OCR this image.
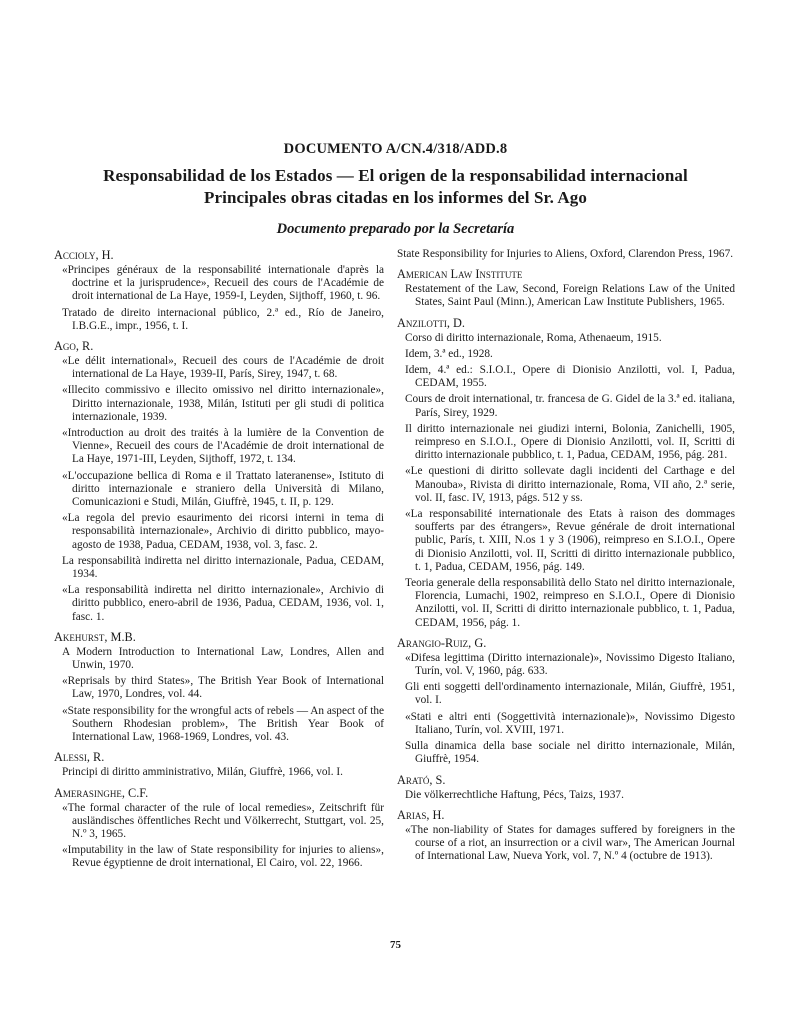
DOCUMENTO A/CN.4/318/ADD.8
Responsabilidad de los Estados — El origen de la responsabilidad internacional
Principales obras citadas en los informes del Sr. Ago
Documento preparado por la Secretaría
Accioly, H.
«Principes généraux de la responsabilité internationale d'après la doctrine et la jurisprudence», Recueil des cours de l'Académie de droit international de La Haye, 1959-I, Leyden, Sijthoff, 1960, t. 96.
Tratado de direito internacional público, 2.ª ed., Río de Janeiro, I.B.G.E., impr., 1956, t. I.
Ago, R.
«Le délit international», Recueil des cours de l'Académie de droit international de La Haye, 1939-II, París, Sirey, 1947, t. 68.
«Illecito commissivo e illecito omissivo nel diritto internazionale», Diritto internazionale, 1938, Milán, Istituti per gli studi di politica internazionale, 1939.
«Introduction au droit des traités à la lumière de la Convention de Vienne», Recueil des cours de l'Académie de droit international de La Haye, 1971-III, Leyden, Sijthoff, 1972, t. 134.
«L'occupazione bellica di Roma e il Trattato lateranense», Istituto di diritto internazionale e straniero della Università di Milano, Comunicazioni e Studi, Milán, Giuffrè, 1945, t. II, p. 129.
«La regola del previo esaurimento dei ricorsi interni in tema di responsabilità internazionale», Archivio di diritto pubblico, mayo-agosto de 1938, Padua, CEDAM, 1938, vol. 3, fasc. 2.
La responsabilità indiretta nel diritto internazionale, Padua, CEDAM, 1934.
«La responsabilità indiretta nel diritto internazionale», Archivio di diritto pubblico, enero-abril de 1936, Padua, CEDAM, 1936, vol. 1, fasc. 1.
Akehurst, M.B.
A Modern Introduction to International Law, Londres, Allen and Unwin, 1970.
«Reprisals by third States», The British Year Book of International Law, 1970, Londres, vol. 44.
«State responsibility for the wrongful acts of rebels — An aspect of the Southern Rhodesian problem», The British Year Book of International Law, 1968-1969, Londres, vol. 43.
Alessi, R.
Principi di diritto amministrativo, Milán, Giuffrè, 1966, vol. I.
Amerasinghe, C.F.
«The formal character of the rule of local remedies», Zeitschrift für ausländisches öffentliches Recht und Völkerrecht, Stuttgart, vol. 25, N.º 3, 1965.
«Imputability in the law of State responsibility for injuries to aliens», Revue égyptienne de droit international, El Cairo, vol. 22, 1966.
State Responsibility for Injuries to Aliens, Oxford, Clarendon Press, 1967.
American Law Institute
Restatement of the Law, Second, Foreign Relations Law of the United States, Saint Paul (Minn.), American Law Institute Publishers, 1965.
Anzilotti, D.
Corso di diritto internazionale, Roma, Athenaeum, 1915.
Idem, 3.ª ed., 1928.
Idem, 4.ª ed.: S.I.O.I., Opere di Dionisio Anzilotti, vol. I, Padua, CEDAM, 1955.
Cours de droit international, tr. francesa de G. Gidel de la 3.ª ed. italiana, París, Sirey, 1929.
Il diritto internazionale nei giudizi interni, Bolonia, Zanichelli, 1905, reimpreso en S.I.O.I., Opere di Dionisio Anzilotti, vol. II, Scritti di diritto internazionale pubblico, t. 1, Padua, CEDAM, 1956, pág. 281.
«Le questioni di diritto sollevate dagli incidenti del Carthage e del Manouba», Rivista di diritto internazionale, Roma, VII año, 2.ª serie, vol. II, fasc. IV, 1913, págs. 512 y ss.
«La responsabilité internationale des Etats à raison des dommages soufferts par des étrangers», Revue générale de droit international public, París, t. XIII, N.os 1 y 3 (1906), reimpreso en S.I.O.I., Opere di Dionisio Anzilotti, vol. II, Scritti di diritto internazionale pubblico, t. 1, Padua, CEDAM, 1956, pág. 149.
Teoria generale della responsabilità dello Stato nel diritto internazionale, Florencia, Lumachi, 1902, reimpreso en S.I.O.I., Opere di Dionisio Anzilotti, vol. II, Scritti di diritto internazionale pubblico, t. 1, Padua, CEDAM, 1956, pág. 1.
Arangio-Ruiz, G.
«Difesa legittima (Diritto internazionale)», Novissimo Digesto Italiano, Turín, vol. V, 1960, pág. 633.
Gli enti soggetti dell'ordinamento internazionale, Milán, Giuffrè, 1951, vol. I.
«Stati e altri enti (Soggettività internazionale)», Novissimo Digesto Italiano, Turín, vol. XVIII, 1971.
Sulla dinamica della base sociale nel diritto internazionale, Milán, Giuffrè, 1954.
Arató, S.
Die völkerrechtliche Haftung, Pécs, Taizs, 1937.
Arias, H.
«The non-liability of States for damages suffered by foreigners in the course of a riot, an insurrection or a civil war», The American Journal of International Law, Nueva York, vol. 7, N.º 4 (octubre de 1913).
75
